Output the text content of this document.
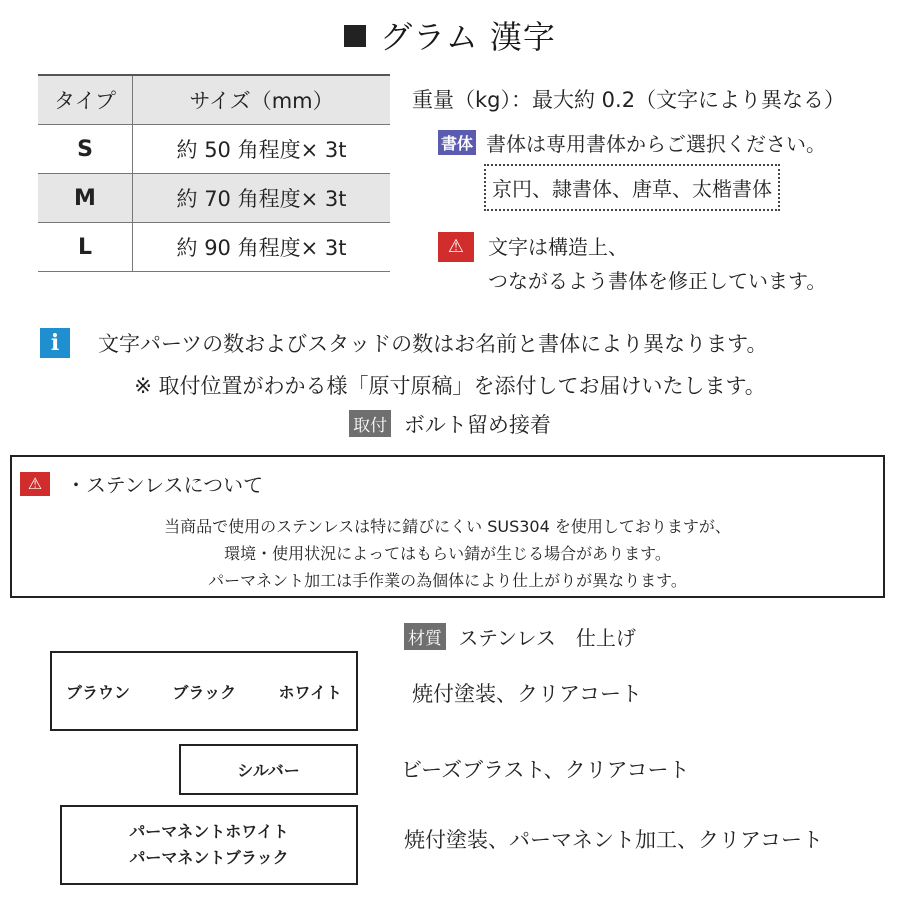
グラム 漢字
タイプ	サイズ（mm）
S	約 50 角程度× 3t
M	約 70 角程度× 3t
L	約 90 角程度× 3t
重量（kg）：最大約 0.2（文字により異なる）
書体 書体は専用書体からご選択ください。
京円、隷書体、唐草、太楷書体
⚠	文字は構造上、
つながるよう書体を修正しています。
i	文字パーツの数およびスタッドの数はお名前と書体により異なります。
※ 取付位置がわかる様「原寸原稿」を添付してお届けいたします。
取付 ボルト留め接着
⚠	・ステンレスについて
当商品で使用のステンレスは特に錆びにくい SUS304 を使用しておりますが、
環境・使用状況によってはもらい錆が生じる場合があります。
パーマネント加工は手作業の為個体により仕上がりが異なります。
材質 ステンレス　仕上げ
ブラウン	ブラック	ホワイト	焼付塗装、クリアコート
シルバー	ビーズブラスト、クリアコート
パーマネントホワイト
パーマネントブラック
焼付塗装、パーマネント加工、クリアコート
